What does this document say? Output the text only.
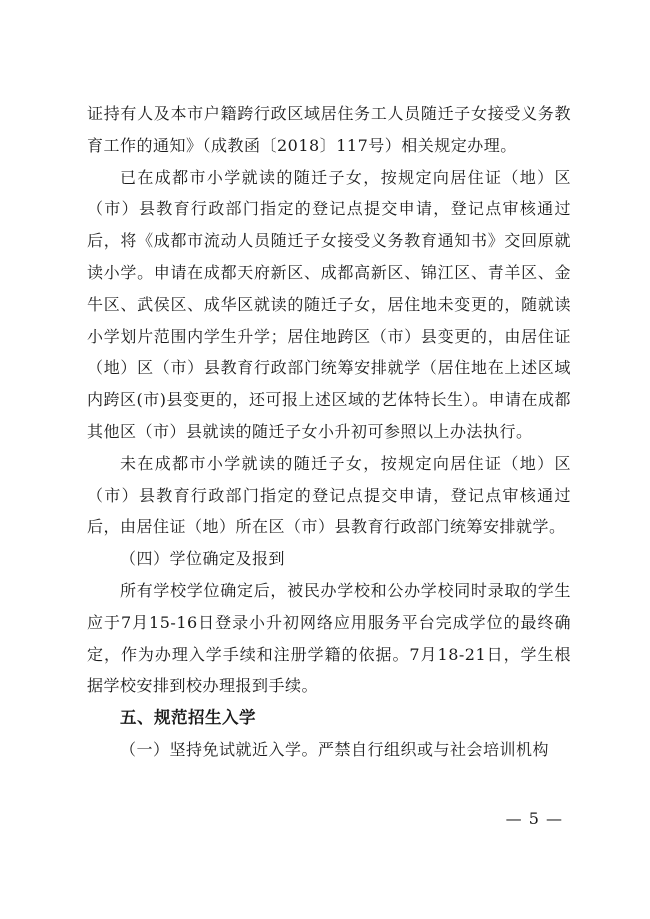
证持有人及本市户籍跨行政区域居住务工人员随迁子女接受义务教育工作的通知》（成教函〔2018〕117号）相关规定办理。

已在成都市小学就读的随迁子女，按规定向居住证（地）区（市）县教育行政部门指定的登记点提交申请，登记点审核通过后，将《成都市流动人员随迁子女接受义务教育通知书》交回原就读小学。申请在成都天府新区、成都高新区、锦江区、青羊区、金牛区、武侯区、成华区就读的随迁子女，居住地未变更的，随就读小学划片范围内学生升学；居住地跨区（市）县变更的，由居住证（地）区（市）县教育行政部门统筹安排就学（居住地在上述区域内跨区(市)县变更的，还可报上述区域的艺体特长生）。申请在成都其他区（市）县就读的随迁子女小升初可参照以上办法执行。

未在成都市小学就读的随迁子女，按规定向居住证（地）区（市）县教育行政部门指定的登记点提交申请，登记点审核通过后，由居住证（地）所在区（市）县教育行政部门统筹安排就学。

（四）学位确定及报到

所有学校学位确定后，被民办学校和公办学校同时录取的学生应于7月15-16日登录小升初网络应用服务平台完成学位的最终确定，作为办理入学手续和注册学籍的依据。7月18-21日，学生根据学校安排到校办理报到手续。

五、规范招生入学

（一）坚持免试就近入学。严禁自行组织或与社会培训机构

— 5 —
